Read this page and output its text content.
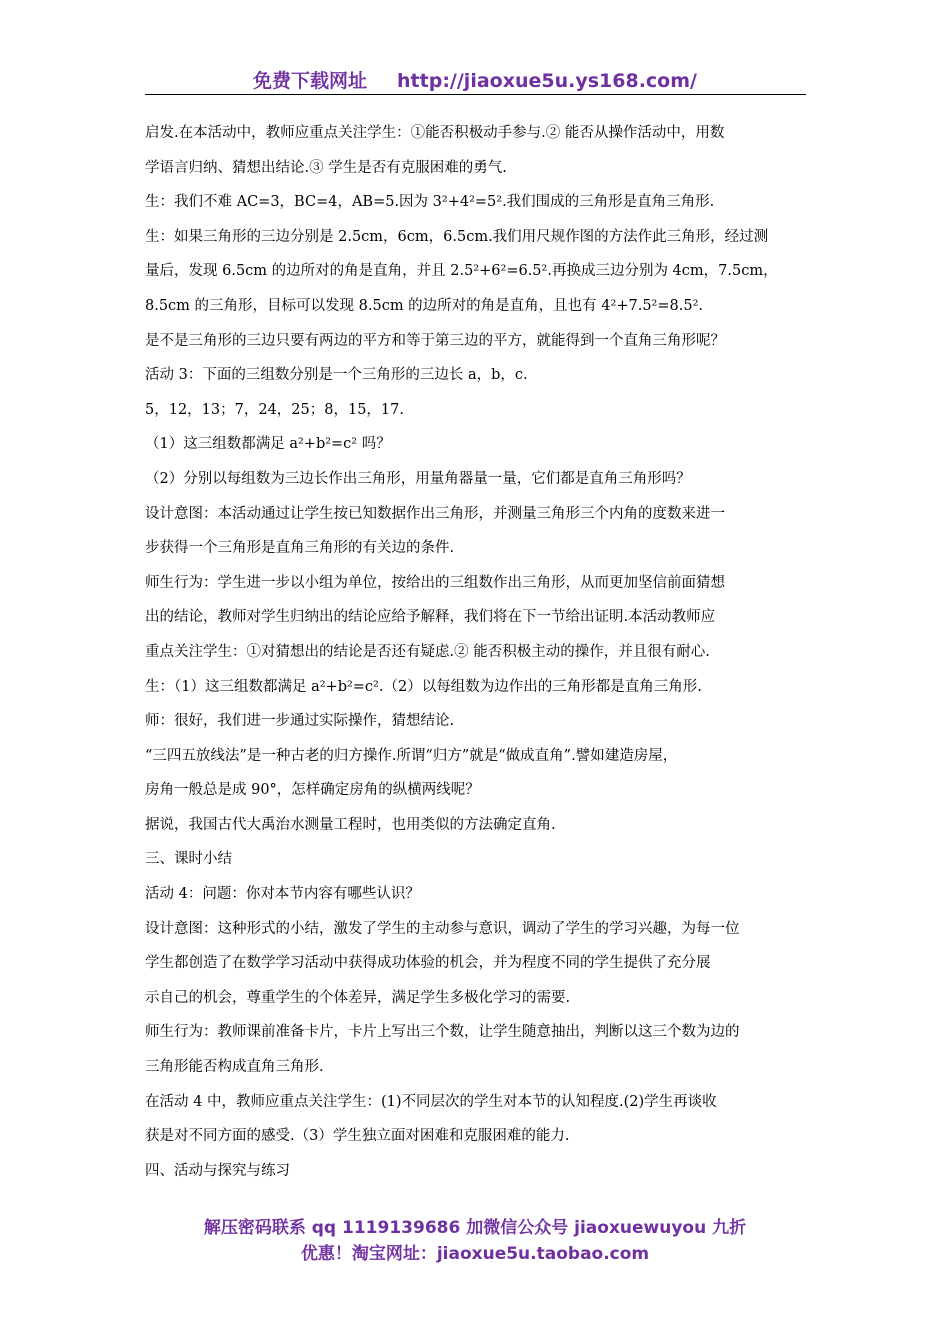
免费下载网址 http://jiaoxue5u.ys168.com/
启发.在本活动中，教师应重点关注学生：①能否积极动手参与.② 能否从操作活动中，用数
学语言归纳、猜想出结论.③ 学生是否有克服困难的勇气.
生：我们不难 AC=3，BC=4，AB=5.因为 3²+4²=5².我们围成的三角形是直角三角形.
生：如果三角形的三边分别是 2.5cm，6cm，6.5cm.我们用尺规作图的方法作此三角形，经过测
量后，发现 6.5cm 的边所对的角是直角，并且 2.5²+6²=6.5².再换成三边分别为 4cm，7.5cm，
8.5cm 的三角形，目标可以发现 8.5cm 的边所对的角是直角，且也有 4²+7.5²=8.5².
是不是三角形的三边只要有两边的平方和等于第三边的平方，就能得到一个直角三角形呢？
活动 3：下面的三组数分别是一个三角形的三边长 a，b，c.
5，12，13；7，24，25；8，15，17.
（1）这三组数都满足 a²+b²=c² 吗？
（2）分别以每组数为三边长作出三角形，用量角器量一量，它们都是直角三角形吗？
设计意图：本活动通过让学生按已知数据作出三角形，并测量三角形三个内角的度数来进一
步获得一个三角形是直角三角形的有关边的条件.
师生行为：学生进一步以小组为单位，按给出的三组数作出三角形，从而更加坚信前面猜想
出的结论，教师对学生归纳出的结论应给予解释，我们将在下一节给出证明.本活动教师应
重点关注学生：①对猜想出的结论是否还有疑虑.② 能否积极主动的操作，并且很有耐心.
生：（1）这三组数都满足 a²+b²=c².（2）以每组数为边作出的三角形都是直角三角形.
师：很好，我们进一步通过实际操作，猜想结论.
“三四五放线法”是一种古老的归方操作.所谓“归方”就是“做成直角”.譬如建造房屋，
房角一般总是成 90°，怎样确定房角的纵横两线呢？
据说，我国古代大禹治水测量工程时，也用类似的方法确定直角.
三、课时小结
活动 4：问题：你对本节内容有哪些认识？
设计意图：这种形式的小结，激发了学生的主动参与意识，调动了学生的学习兴趣，为每一位
学生都创造了在数学学习活动中获得成功体验的机会，并为程度不同的学生提供了充分展
示自己的机会，尊重学生的个体差异，满足学生多极化学习的需要.
师生行为：教师课前准备卡片，卡片上写出三个数，让学生随意抽出，判断以这三个数为边的
三角形能否构成直角三角形.
在活动 4 中，教师应重点关注学生：(1)不同层次的学生对本节的认知程度.(2)学生再谈收
获是对不同方面的感受.（3）学生独立面对困难和克服困难的能力.
四、活动与探究与练习
解压密码联系 qq 1119139686 加微信公众号 jiaoxuewuyou 九折
优惠！淘宝网址：jiaoxue5u.taobao.com
